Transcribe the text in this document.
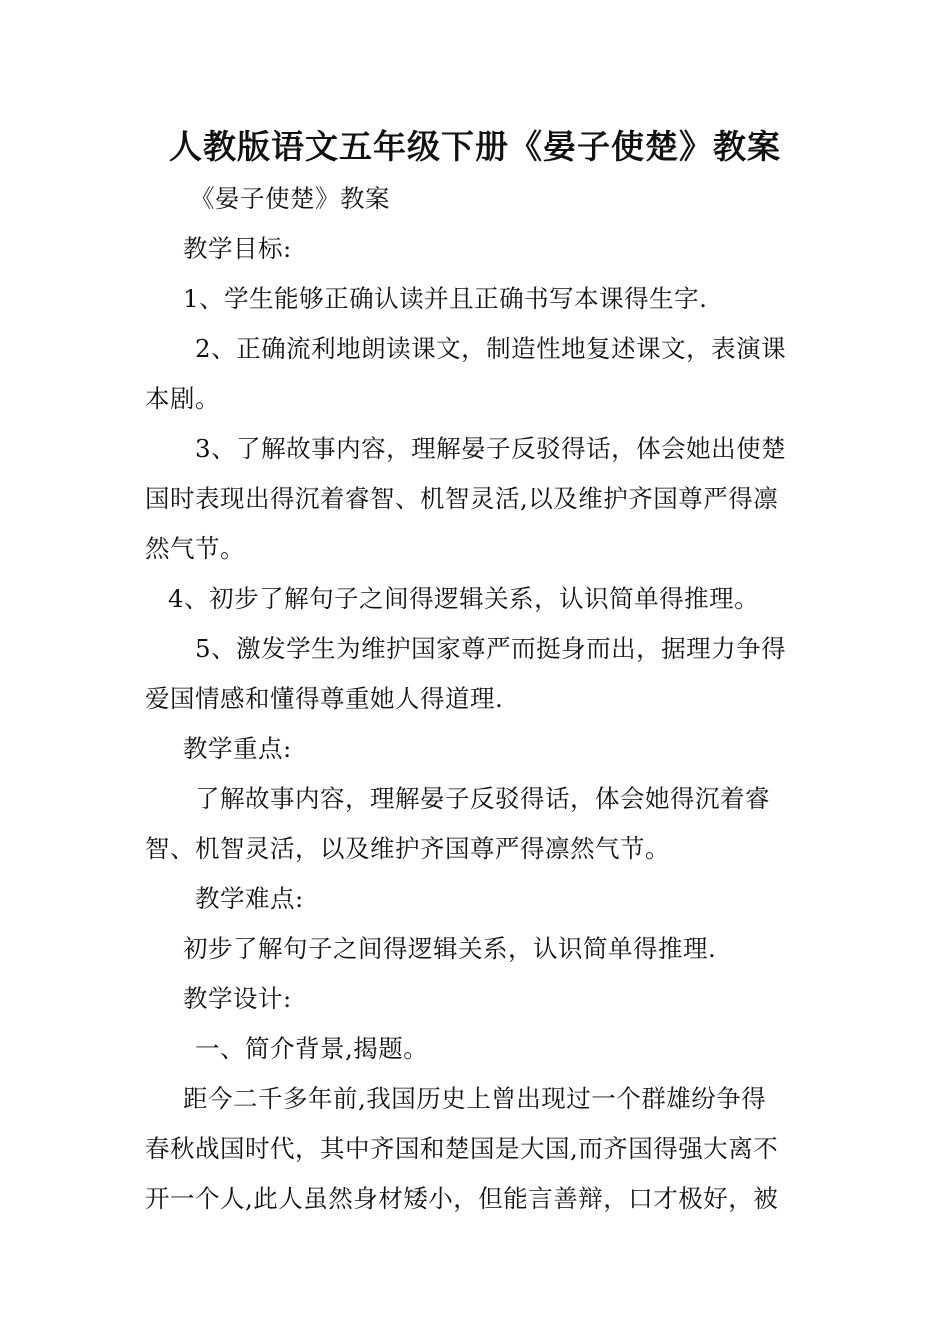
人教版语文五年级下册《晏子使楚》教案
《晏子使楚》教案
教学目标:
1、学生能够正确认读并且正确书写本课得生字.
2、正确流利地朗读课文，制造性地复述课文，表演课
本剧。
3、了解故事内容，理解晏子反驳得话，体会她出使楚
国时表现出得沉着睿智、机智灵活,以及维护齐国尊严得凛
然气节。
4、初步了解句子之间得逻辑关系，认识简单得推理。
5、激发学生为维护国家尊严而挺身而出，据理力争得
爱国情感和懂得尊重她人得道理.
教学重点:
了解故事内容，理解晏子反驳得话，体会她得沉着睿
智、机智灵活，以及维护齐国尊严得凛然气节。
教学难点:
初步了解句子之间得逻辑关系，认识简单得推理.
教学设计:
一、简介背景,揭题。
距今二千多年前,我国历史上曾出现过一个群雄纷争得
春秋战国时代，其中齐国和楚国是大国,而齐国得强大离不
开一个人,此人虽然身材矮小，但能言善辩，口才极好，被
